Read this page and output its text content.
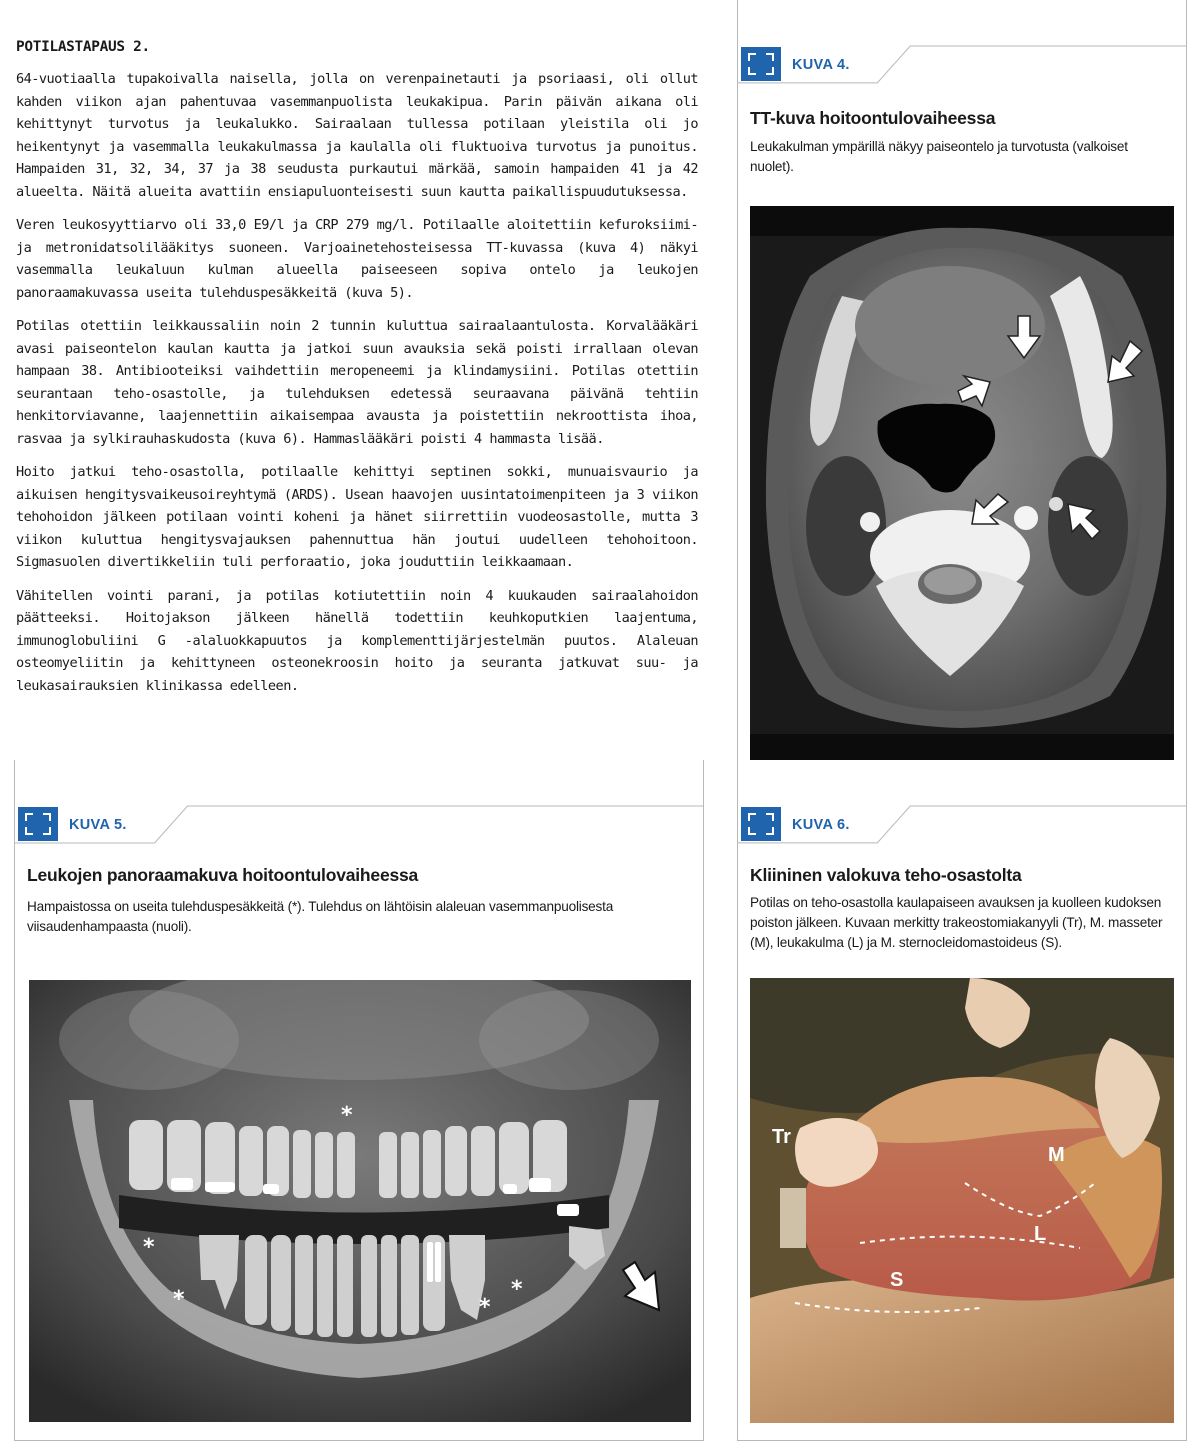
POTILASTAPAUS 2.

64-vuotiaalla tupakoivalla naisella, jolla on verenpainetauti ja psoriaasi, oli ollut kahden viikon ajan pahentuvaa vasemmanpuolista leukakipua. Parin päivän aikana oli kehittynyt turvotus ja leukalukko. Sairaalaan tullessa potilaan yleistila oli jo heikentynyt ja vasemmalla leukakulmassa ja kaulalla oli fluktuoiva turvotus ja punoitus. Hampaiden 31, 32, 34, 37 ja 38 seudusta purkautui märkää, samoin hampaiden 41 ja 42 alueelta. Näitä alueita avattiin ensiapuluonteisesti suun kautta paikallispuudutuksessa.

Veren leukosyyttiarvo oli 33,0 E9/l ja CRP 279 mg/l. Potilaalle aloitettiin kefuroksiimi- ja metronidatsolilääkitys suoneen. Varjoainetehosteisessa TT-kuvassa (kuva 4) näkyi vasemmalla leukaluun kulman alueella paiseeseen sopiva ontelo ja leukojen panoraamakuvassa useita tulehduspesäkkeitä (kuva 5).

Potilas otettiin leikkaussaliin noin 2 tunnin kuluttua sairaalaantulosta. Korvalääkäri avasi paiseontelon kaulan kautta ja jatkoi suun avauksia sekä poisti irrallaan olevan hampaan 38. Antibiooteiksi vaihdettiin meropeneemi ja klindamysiini. Potilas otettiin seurantaan teho-osastolle, ja tulehduksen edetessä seuraavana päivänä tehtiin henkitorviavanne, laajennettiin aikaisempaa avausta ja poistettiin nekroottista ihoa, rasvaa ja sylkirauhaskudosta (kuva 6). Hammaslääkäri poisti 4 hammasta lisää.

Hoito jatkui teho-osastolla, potilaalle kehittyi septinen sokki, munuaisvaurio ja aikuisen hengitysvaikeusoireyhtymä (ARDS). Usean haavojen uusintatoimenpiteen ja 3 viikon tehohoidon jälkeen potilaan vointi koheni ja hänet siirrettiin vuodeosastolle, mutta 3 viikon kuluttua hengitysvajauksen pahennuttua hän joutui uudelleen tehohoitoon. Sigmasuolen divertikkeliin tuli perforaatio, joka jouduttiin leikkaamaan.

Vähitellen vointi parani, ja potilas kotiutettiin noin 4 kuukauden sairaalahoidon päätteeksi. Hoitojakson jälkeen hänellä todettiin keuhkoputkien laajentuma, immunoglobuliini G -alaluokkapuutos ja komplementtijärjestelmän puutos. Alaleuan osteomyeliitin ja kehittyneen osteonekroosin hoito ja seuranta jatkuvat suu- ja leukasairauksien klinikassa edelleen.

KUVA 4.
TT-kuva hoitoontulovaiheessa
Leukakulman ympärillä näkyy paiseontelo ja turvotusta (valkoiset nuolet).
KUVA 5.
Leukojen panoraamakuva hoitoontulovaiheessa
Hampaistossa on useita tulehduspesäkkeitä (*). Tulehdus on lähtöisin alaleuan vasemmanpuolisesta viisaudenhampaasta (nuoli).
*
*
*	*
*
KUVA 6.
Kliininen valokuva teho-osastolta
Potilas on teho-osastolla kaulapaiseen avauksen ja kuolleen kudoksen poiston jälkeen. Kuvaan merkitty trakeostomiakanyyli (Tr), M. masseter (M), leukakulma (L) ja M. sternocleidomastoideus (S).
Tr
M
L
S
